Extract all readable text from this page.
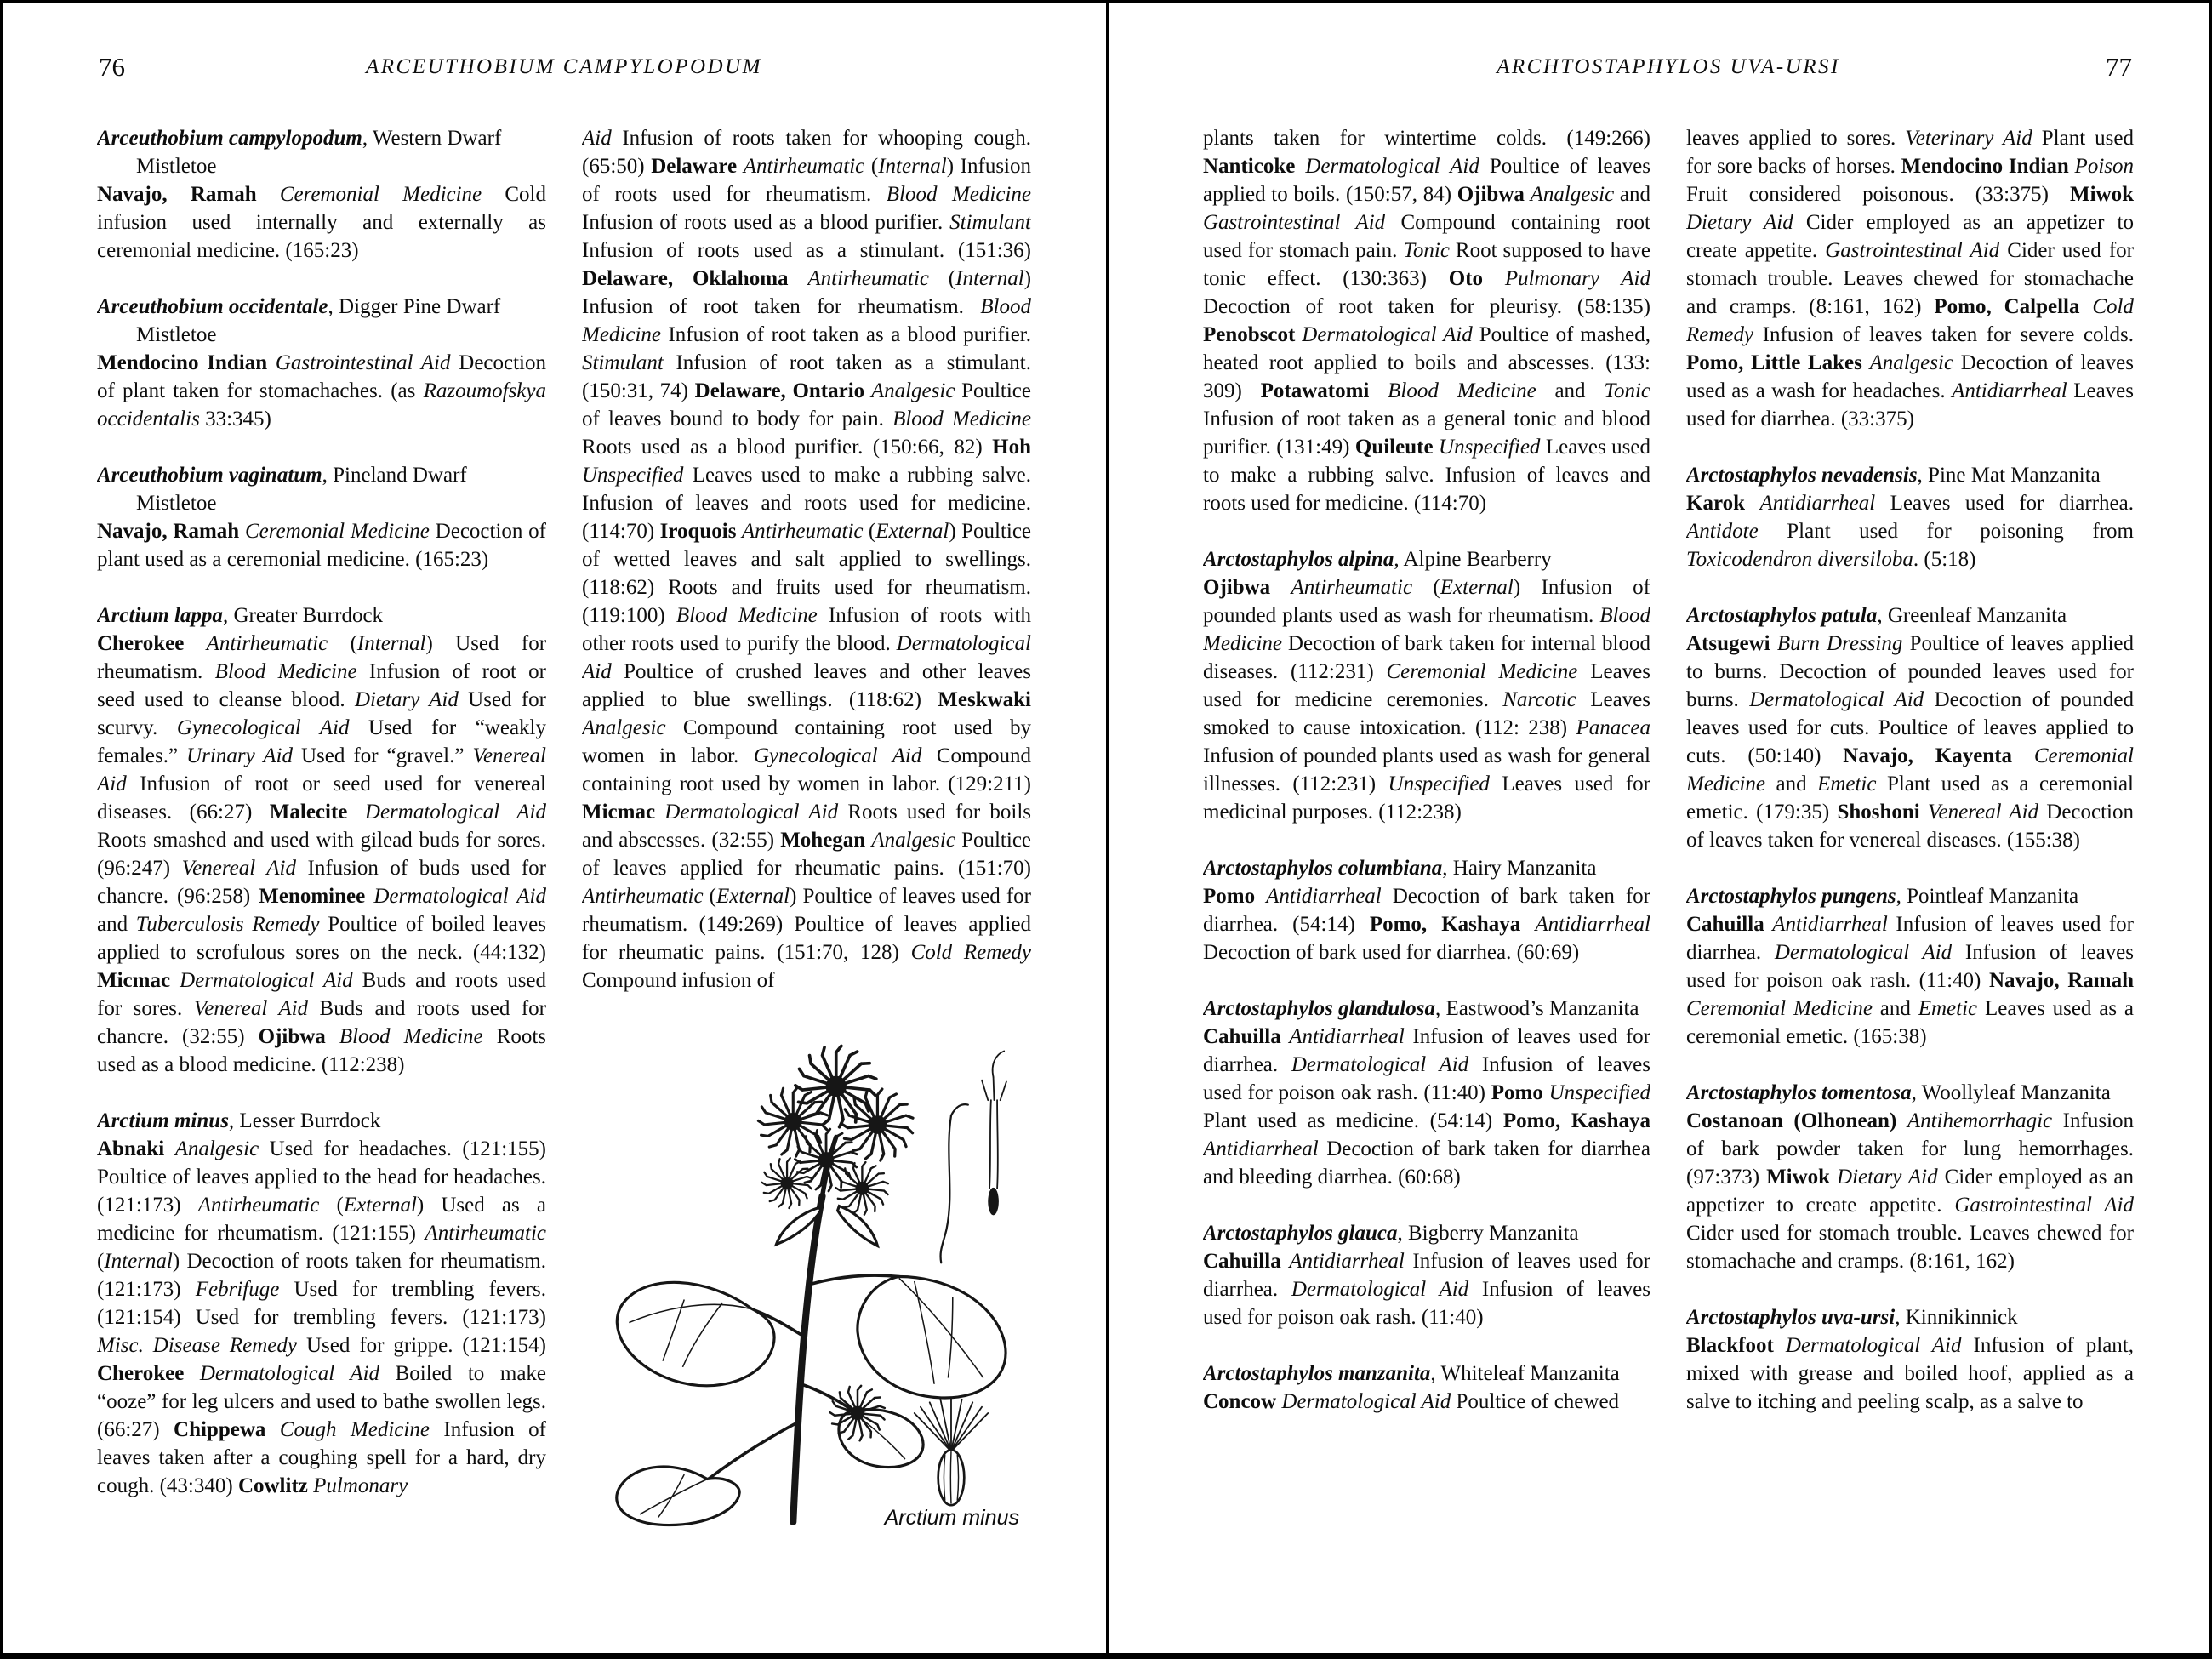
76	ARCEUTHOBIUM CAMPYLOPODUM

Arceuthobium campylopodum, Western Dwarf Mistletoe

Navajo, Ramah Ceremonial Medicine Cold infusion used internally and externally as ceremonial medicine. (165:23)

Arceuthobium occidentale, Digger Pine Dwarf Mistletoe

Mendocino Indian Gastrointestinal Aid Decoction of plant taken for stomachaches. (as Razoumofskya occidentalis 33:345)

Arceuthobium vaginatum, Pineland Dwarf Mistletoe

Navajo, Ramah Ceremonial Medicine Decoction of plant used as a ceremonial medicine. (165:23)

Arctium lappa, Greater Burrdock

Cherokee Antirheumatic (Internal) Used for rheumatism. Blood Medicine Infusion of root or seed used to cleanse blood. Dietary Aid Used for scurvy. Gynecological Aid Used for “weakly females.” Urinary Aid Used for “gravel.” Venereal Aid Infusion of root or seed used for venereal diseases. (66:27) Malecite Dermatological Aid Roots smashed and used with gilead buds for sores. (96:247) Venereal Aid Infusion of buds used for chancre. (96:258) Menominee Dermatological Aid and Tuberculosis Remedy Poultice of boiled leaves applied to scrofulous sores on the neck. (44:132) Micmac Dermatological Aid Buds and roots used for sores. Venereal Aid Buds and roots used for chancre. (32:55) Ojibwa Blood Medicine Roots used as a blood medicine. (112:238)

Arctium minus, Lesser Burrdock

Abnaki Analgesic Used for headaches. (121:155) Poultice of leaves applied to the head for headaches. (121:173) Antirheumatic (External) Used as a medicine for rheumatism. (121:155) Antirheumatic (Internal) Decoction of roots taken for rheumatism. (121:173) Febrifuge Used for trembling fevers. (121:154) Used for trembling fevers. (121:173) Misc. Disease Remedy Used for grippe. (121:154) Cherokee Dermatological Aid Boiled to make “ooze” for leg ulcers and used to bathe swollen legs. (66:27) Chippewa Cough Medicine Infusion of leaves taken after a coughing spell for a hard, dry cough. (43:340) Cowlitz Pulmonary

Aid Infusion of roots taken for whooping cough. (65:50) Delaware Antirheumatic (Internal) Infusion of roots used for rheumatism. Blood Medicine Infusion of roots used as a blood purifier. Stimulant Infusion of roots used as a stimulant. (151:36) Delaware, Oklahoma Antirheumatic (Internal) Infusion of root taken for rheumatism. Blood Medicine Infusion of root taken as a blood purifier. Stimulant Infusion of root taken as a stimulant. (150:31, 74) Delaware, Ontario Analgesic Poultice of leaves bound to body for pain. Blood Medicine Roots used as a blood purifier. (150:66, 82) Hoh Unspecified Leaves used to make a rubbing salve. Infusion of leaves and roots used for medicine. (114:70) Iroquois Antirheumatic (External) Poultice of wetted leaves and salt applied to swellings. (118:62) Roots and fruits used for rheumatism. (119:100) Blood Medicine Infusion of roots with other roots used to purify the blood. Dermatological Aid Poultice of crushed leaves and other leaves applied to blue swellings. (118:62) Meskwaki Analgesic Compound containing root used by women in labor. Gynecological Aid Compound containing root used by women in labor. (129:211) Micmac Dermatological Aid Roots used for boils and abscesses. (32:55) Mohegan Analgesic Poultice of leaves applied for rheumatic pains. (151:70) Antirheumatic (External) Poultice of leaves used for rheumatism. (149:269) Poultice of leaves applied for rheumatic pains. (151:70, 128) Cold Remedy Compound infusion of

Arctium minus
77
ARCHTOSTAPHYLOS UVA-URSI

plants taken for wintertime colds. (149:266) Nanticoke Dermatological Aid Poultice of leaves applied to boils. (150:57, 84) Ojibwa Analgesic and Gastrointestinal Aid Compound containing root used for stomach pain. Tonic Root supposed to have tonic effect. (130:363) Oto Pulmonary Aid Decoction of root taken for pleurisy. (58:135) Penobscot Dermatological Aid Poultice of mashed, heated root applied to boils and abscesses. (133: 309) Potawatomi Blood Medicine and Tonic Infusion of root taken as a general tonic and blood purifier. (131:49) Quileute Unspecified Leaves used to make a rubbing salve. Infusion of leaves and roots used for medicine. (114:70)

Arctostaphylos alpina, Alpine Bearberry

Ojibwa Antirheumatic (External) Infusion of pounded plants used as wash for rheumatism. Blood Medicine Decoction of bark taken for internal blood diseases. (112:231) Ceremonial Medicine Leaves used for medicine ceremonies. Narcotic Leaves smoked to cause intoxication. (112: 238) Panacea Infusion of pounded plants used as wash for general illnesses. (112:231) Unspecified Leaves used for medicinal purposes. (112:238)

Arctostaphylos columbiana, Hairy Manzanita

Pomo Antidiarrheal Decoction of bark taken for diarrhea. (54:14) Pomo, Kashaya Antidiarrheal Decoction of bark used for diarrhea. (60:69)

Arctostaphylos glandulosa, Eastwood’s Manzanita

Cahuilla Antidiarrheal Infusion of leaves used for diarrhea. Dermatological Aid Infusion of leaves used for poison oak rash. (11:40) Pomo Unspecified Plant used as medicine. (54:14) Pomo, Kashaya Antidiarrheal Decoction of bark taken for diarrhea and bleeding diarrhea. (60:68)

Arctostaphylos glauca, Bigberry Manzanita

Cahuilla Antidiarrheal Infusion of leaves used for diarrhea. Dermatological Aid Infusion of leaves used for poison oak rash. (11:40)

Arctostaphylos manzanita, Whiteleaf Manzanita

Concow Dermatological Aid Poultice of chewed

leaves applied to sores. Veterinary Aid Plant used for sore backs of horses. Mendocino Indian Poison Fruit considered poisonous. (33:375) Miwok Dietary Aid Cider employed as an appetizer to create appetite. Gastrointestinal Aid Cider used for stomach trouble. Leaves chewed for stomachache and cramps. (8:161, 162) Pomo, Calpella Cold Remedy Infusion of leaves taken for severe colds. Pomo, Little Lakes Analgesic Decoction of leaves used as a wash for headaches. Antidiarrheal Leaves used for diarrhea. (33:375)

Arctostaphylos nevadensis, Pine Mat Manzanita

Karok Antidiarrheal Leaves used for diarrhea. Antidote Plant used for poisoning from Toxicodendron diversiloba. (5:18)

Arctostaphylos patula, Greenleaf Manzanita

Atsugewi Burn Dressing Poultice of leaves applied to burns. Decoction of pounded leaves used for burns. Dermatological Aid Decoction of pounded leaves used for cuts. Poultice of leaves applied to cuts. (50:140) Navajo, Kayenta Ceremonial Medicine and Emetic Plant used as a ceremonial emetic. (179:35) Shoshoni Venereal Aid Decoction of leaves taken for venereal diseases. (155:38)

Arctostaphylos pungens, Pointleaf Manzanita

Cahuilla Antidiarrheal Infusion of leaves used for diarrhea. Dermatological Aid Infusion of leaves used for poison oak rash. (11:40) Navajo, Ramah Ceremonial Medicine and Emetic Leaves used as a ceremonial emetic. (165:38)

Arctostaphylos tomentosa, Woollyleaf Manzanita

Costanoan (Olhonean) Antihemorrhagic Infusion of bark powder taken for lung hemorrhages. (97:373) Miwok Dietary Aid Cider employed as an appetizer to create appetite. Gastrointestinal Aid Cider used for stomach trouble. Leaves chewed for stomachache and cramps. (8:161, 162)

Arctostaphylos uva-ursi, Kinnikinnick

Blackfoot Dermatological Aid Infusion of plant, mixed with grease and boiled hoof, applied as a salve to itching and peeling scalp, as a salve to
